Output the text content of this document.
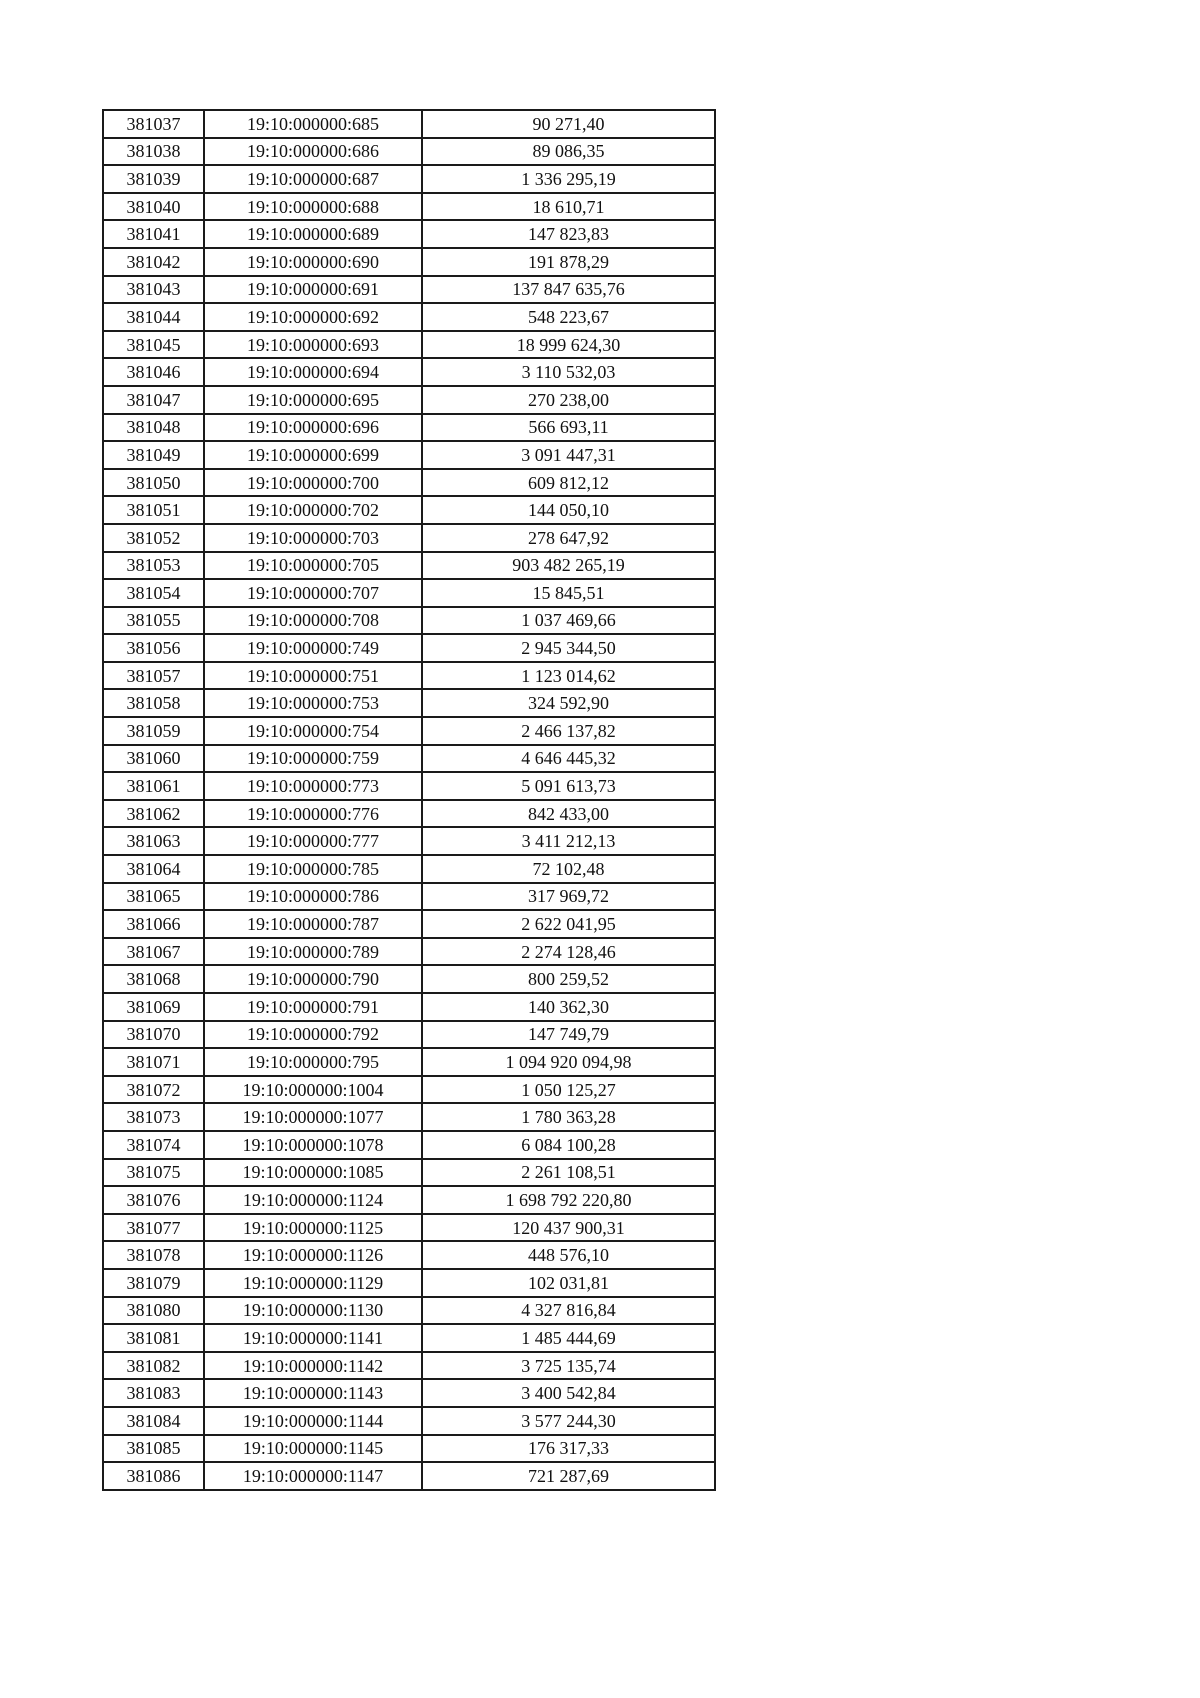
381037	19:10:000000:685	90 271,40
381038	19:10:000000:686	89 086,35
381039	19:10:000000:687	1 336 295,19
381040	19:10:000000:688	18 610,71
381041	19:10:000000:689	147 823,83
381042	19:10:000000:690	191 878,29
381043	19:10:000000:691	137 847 635,76
381044	19:10:000000:692	548 223,67
381045	19:10:000000:693	18 999 624,30
381046	19:10:000000:694	3 110 532,03
381047	19:10:000000:695	270 238,00
381048	19:10:000000:696	566 693,11
381049	19:10:000000:699	3 091 447,31
381050	19:10:000000:700	609 812,12
381051	19:10:000000:702	144 050,10
381052	19:10:000000:703	278 647,92
381053	19:10:000000:705	903 482 265,19
381054	19:10:000000:707	15 845,51
381055	19:10:000000:708	1 037 469,66
381056	19:10:000000:749	2 945 344,50
381057	19:10:000000:751	1 123 014,62
381058	19:10:000000:753	324 592,90
381059	19:10:000000:754	2 466 137,82
381060	19:10:000000:759	4 646 445,32
381061	19:10:000000:773	5 091 613,73
381062	19:10:000000:776	842 433,00
381063	19:10:000000:777	3 411 212,13
381064	19:10:000000:785	72 102,48
381065	19:10:000000:786	317 969,72
381066	19:10:000000:787	2 622 041,95
381067	19:10:000000:789	2 274 128,46
381068	19:10:000000:790	800 259,52
381069	19:10:000000:791	140 362,30
381070	19:10:000000:792	147 749,79
381071	19:10:000000:795	1 094 920 094,98
381072	19:10:000000:1004	1 050 125,27
381073	19:10:000000:1077	1 780 363,28
381074	19:10:000000:1078	6 084 100,28
381075	19:10:000000:1085	2 261 108,51
381076	19:10:000000:1124	1 698 792 220,80
381077	19:10:000000:1125	120 437 900,31
381078	19:10:000000:1126	448 576,10
381079	19:10:000000:1129	102 031,81
381080	19:10:000000:1130	4 327 816,84
381081	19:10:000000:1141	1 485 444,69
381082	19:10:000000:1142	3 725 135,74
381083	19:10:000000:1143	3 400 542,84
381084	19:10:000000:1144	3 577 244,30
381085	19:10:000000:1145	176 317,33
381086	19:10:000000:1147	721 287,69
